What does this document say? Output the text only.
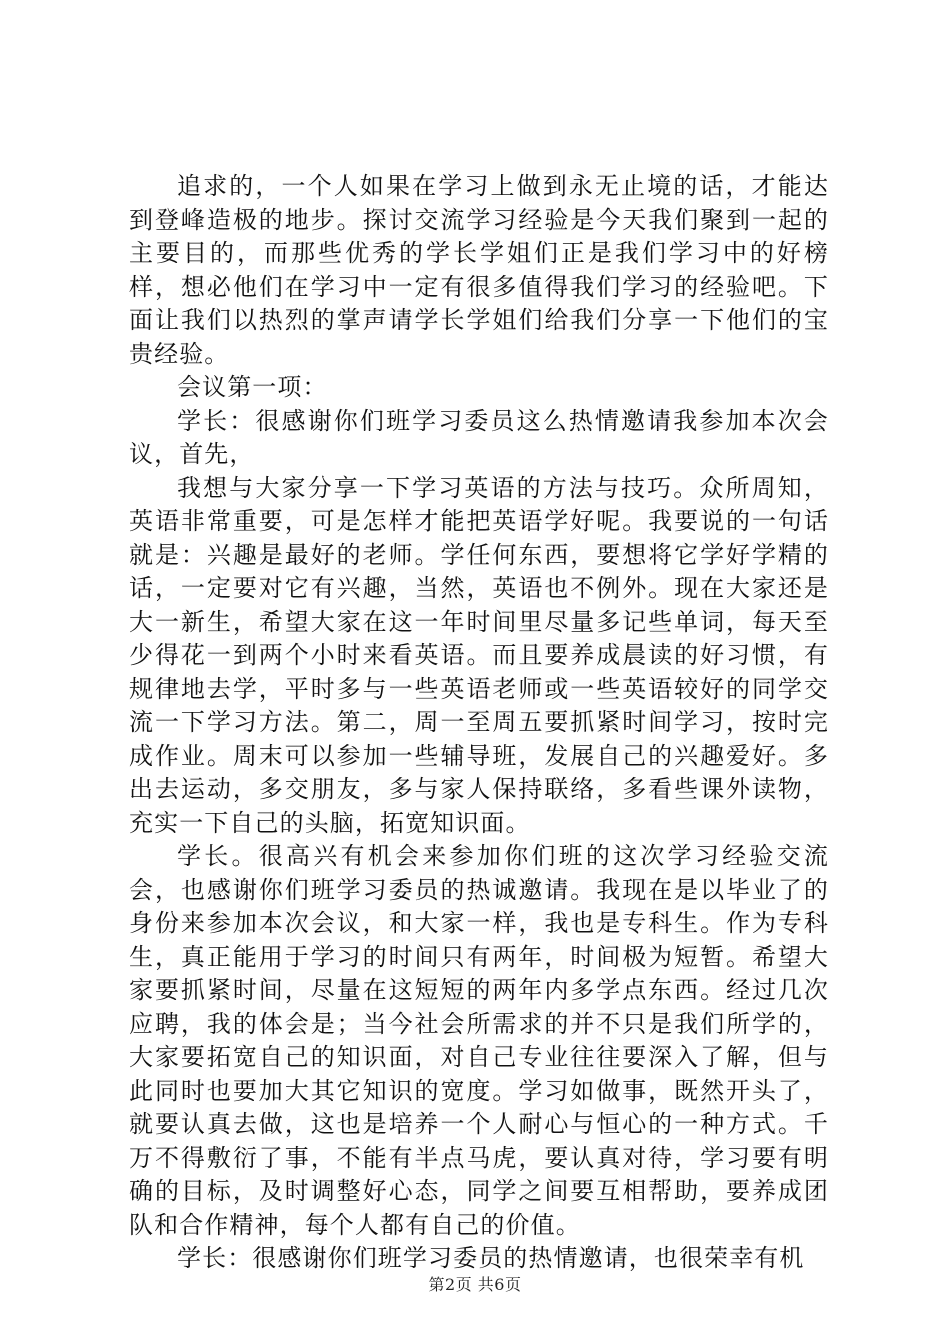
追求的，一个人如果在学习上做到永无止境的话，才能达到登峰造极的地步。探讨交流学习经验是今天我们聚到一起的主要目的，而那些优秀的学长学姐们正是我们学习中的好榜样，想必他们在学习中一定有很多值得我们学习的经验吧。下面让我们以热烈的掌声请学长学姐们给我们分享一下他们的宝贵经验。

会议第一项：

学长：很感谢你们班学习委员这么热情邀请我参加本次会议，首先，

我想与大家分享一下学习英语的方法与技巧。众所周知，英语非常重要，可是怎样才能把英语学好呢。我要说的一句话就是：兴趣是最好的老师。学任何东西，要想将它学好学精的话，一定要对它有兴趣，当然，英语也不例外。现在大家还是大一新生，希望大家在这一年时间里尽量多记些单词，每天至少得花一到两个小时来看英语。而且要养成晨读的好习惯，有规律地去学，平时多与一些英语老师或一些英语较好的同学交流一下学习方法。第二，周一至周五要抓紧时间学习，按时完成作业。周末可以参加一些辅导班，发展自己的兴趣爱好。多出去运动，多交朋友，多与家人保持联络，多看些课外读物，充实一下自己的头脑，拓宽知识面。

学长。很高兴有机会来参加你们班的这次学习经验交流会，也感谢你们班学习委员的热诚邀请。我现在是以毕业了的身份来参加本次会议，和大家一样，我也是专科生。作为专科生，真正能用于学习的时间只有两年，时间极为短暂。希望大家要抓紧时间，尽量在这短短的两年内多学点东西。经过几次应聘，我的体会是；当今社会所需求的并不只是我们所学的，大家要拓宽自己的知识面，对自己专业往往要深入了解，但与此同时也要加大其它知识的宽度。学习如做事，既然开头了，就要认真去做，这也是培养一个人耐心与恒心的一种方式。千万不得敷衍了事，不能有半点马虎，要认真对待，学习要有明确的目标，及时调整好心态，同学之间要互相帮助，要养成团队和合作精神，每个人都有自己的价值。

学长：很感谢你们班学习委员的热情邀请，也很荣幸有机

第2页 共6页
